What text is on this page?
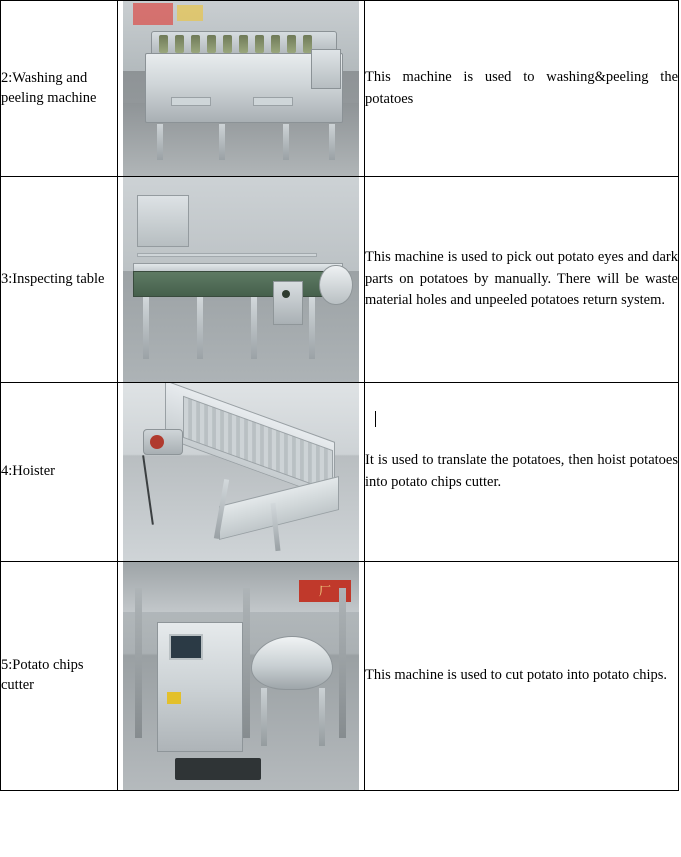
2:Washing and peeling machine		This machine is used to washing&peeling the potatoes

3:Inspecting table		This machine is used to pick out potato eyes and dark parts on potatoes by manually. There will be waste material holes and unpeeled potatoes return system.

4:Hoister		It is used to translate the potatoes, then hoist potatoes into potato chips cutter.

5:Potato chips cutter	厂	This machine is used to cut potato into potato chips.
